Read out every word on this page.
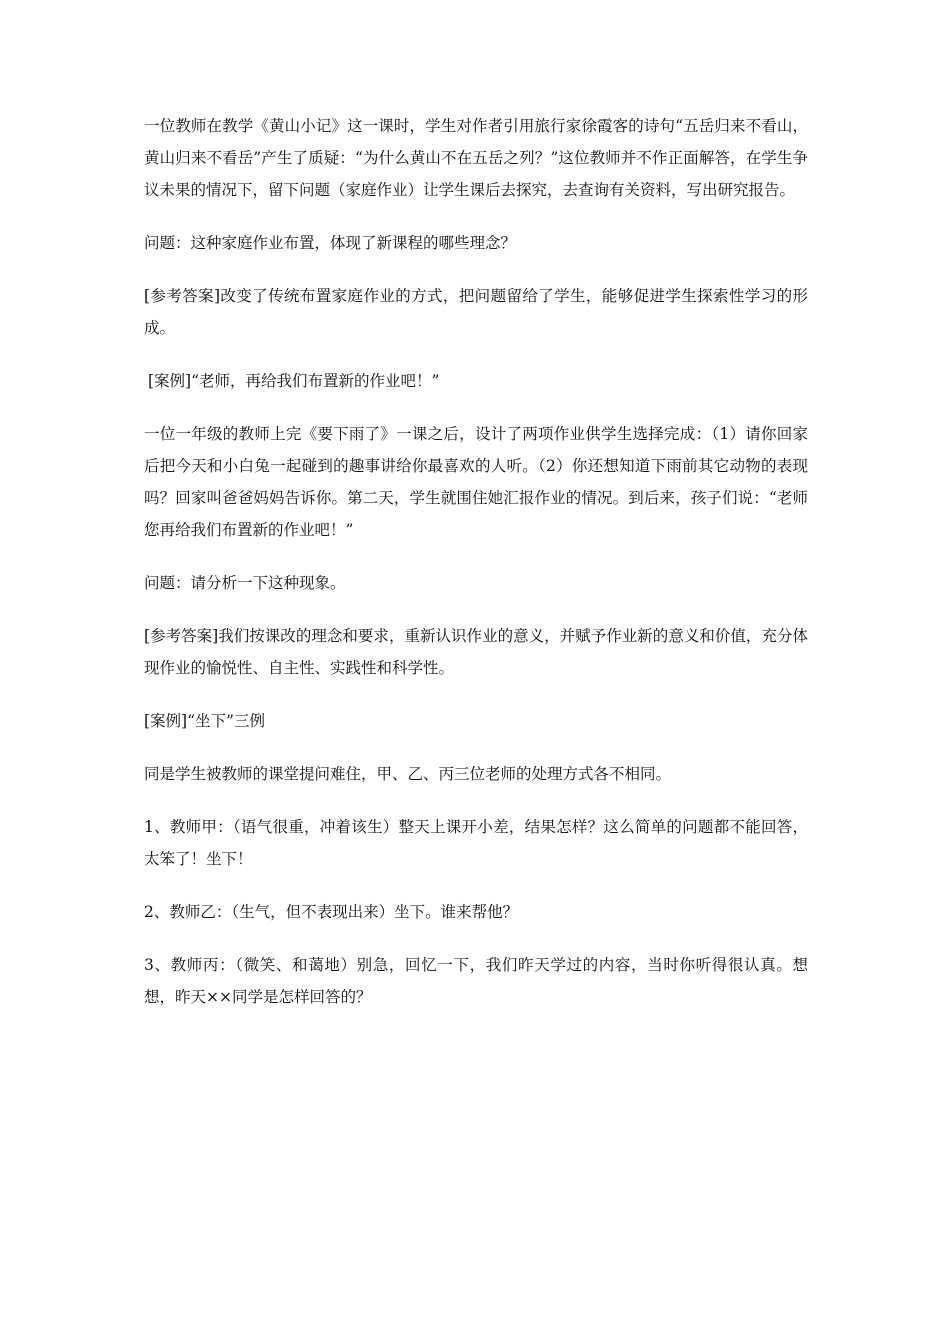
一位教师在教学《黄山小记》这一课时，学生对作者引用旅行家徐霞客的诗句“五岳归来不看山，黄山归来不看岳”产生了质疑：“为什么黄山不在五岳之列？”这位教师并不作正面解答，在学生争议未果的情况下，留下问题（家庭作业）让学生课后去探究，去查询有关资料，写出研究报告。

问题：这种家庭作业布置，体现了新课程的哪些理念？

[参考答案]改变了传统布置家庭作业的方式，把问题留给了学生，能够促进学生探索性学习的形成。

[案例]“老师，再给我们布置新的作业吧！”

一位一年级的教师上完《要下雨了》一课之后，设计了两项作业供学生选择完成：（1）请你回家后把今天和小白兔一起碰到的趣事讲给你最喜欢的人听。（2）你还想知道下雨前其它动物的表现吗？回家叫爸爸妈妈告诉你。第二天，学生就围住她汇报作业的情况。到后来，孩子们说：“老师您再给我们布置新的作业吧！”

问题：请分析一下这种现象。

[参考答案]我们按课改的理念和要求，重新认识作业的意义，并赋予作业新的意义和价值，充分体现作业的愉悦性、自主性、实践性和科学性。

[案例]“坐下”三例

同是学生被教师的课堂提问难住，甲、乙、丙三位老师的处理方式各不相同。

1、教师甲：（语气很重，冲着该生）整天上课开小差，结果怎样？这么简单的问题都不能回答，太笨了！坐下！

2、教师乙：（生气，但不表现出来）坐下。谁来帮他？

3、教师丙：（微笑、和蔼地）别急，回忆一下，我们昨天学过的内容，当时你听得很认真。想想，昨天××同学是怎样回答的？
